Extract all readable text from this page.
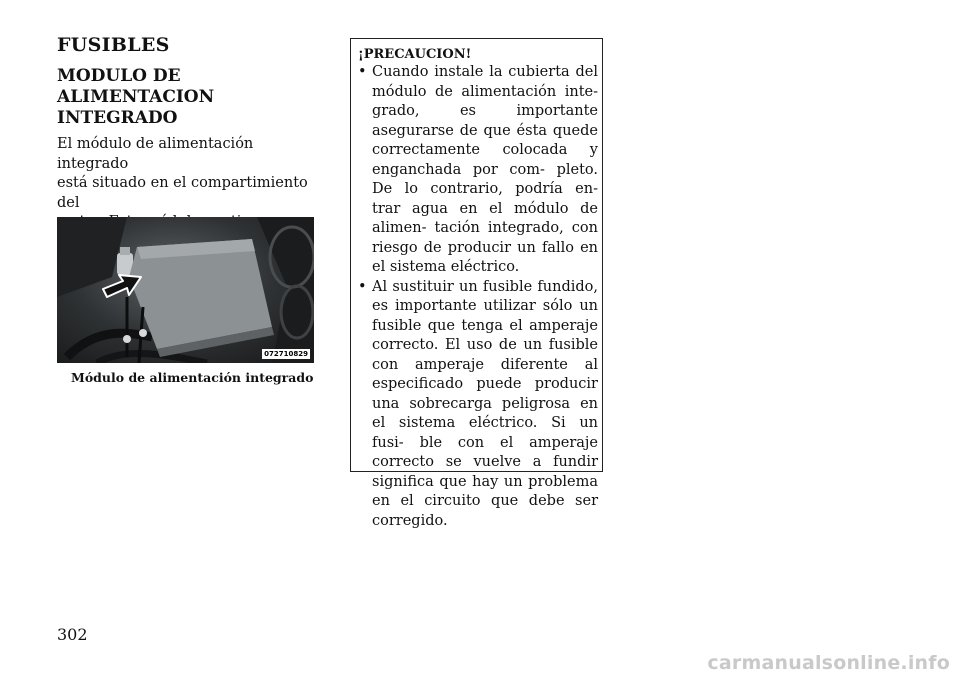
FUSIBLES
MODULO DE
ALIMENTACION
INTEGRADO

El módulo de alimentación integrado
está situado en el compartimiento del

072710829
Módulo de alimentación integrado

¡PRECAUCION!

• Cuando instale la cubierta del módulo de alimentación inte- grado, es importante asegurarse de que ésta quede correctamente colocada y enganchada por com- pleto. De lo contrario, podría en- trar agua en el módulo de alimen- tación integrado, con riesgo de producir un fallo en el sistema eléctrico.
• Al sustituir un fusible fundido, es importante utilizar sólo un fusible que tenga el amperaje correcto. El uso de un fusible con amperaje diferente al especificado puede producir una sobrecarga peligrosa en el sistema eléctrico. Si un fusi- ble con el amperaje correcto se vuelve a fundir significa que hay un problema en el circuito que debe ser corregido.
302
carmanualsonline.info
